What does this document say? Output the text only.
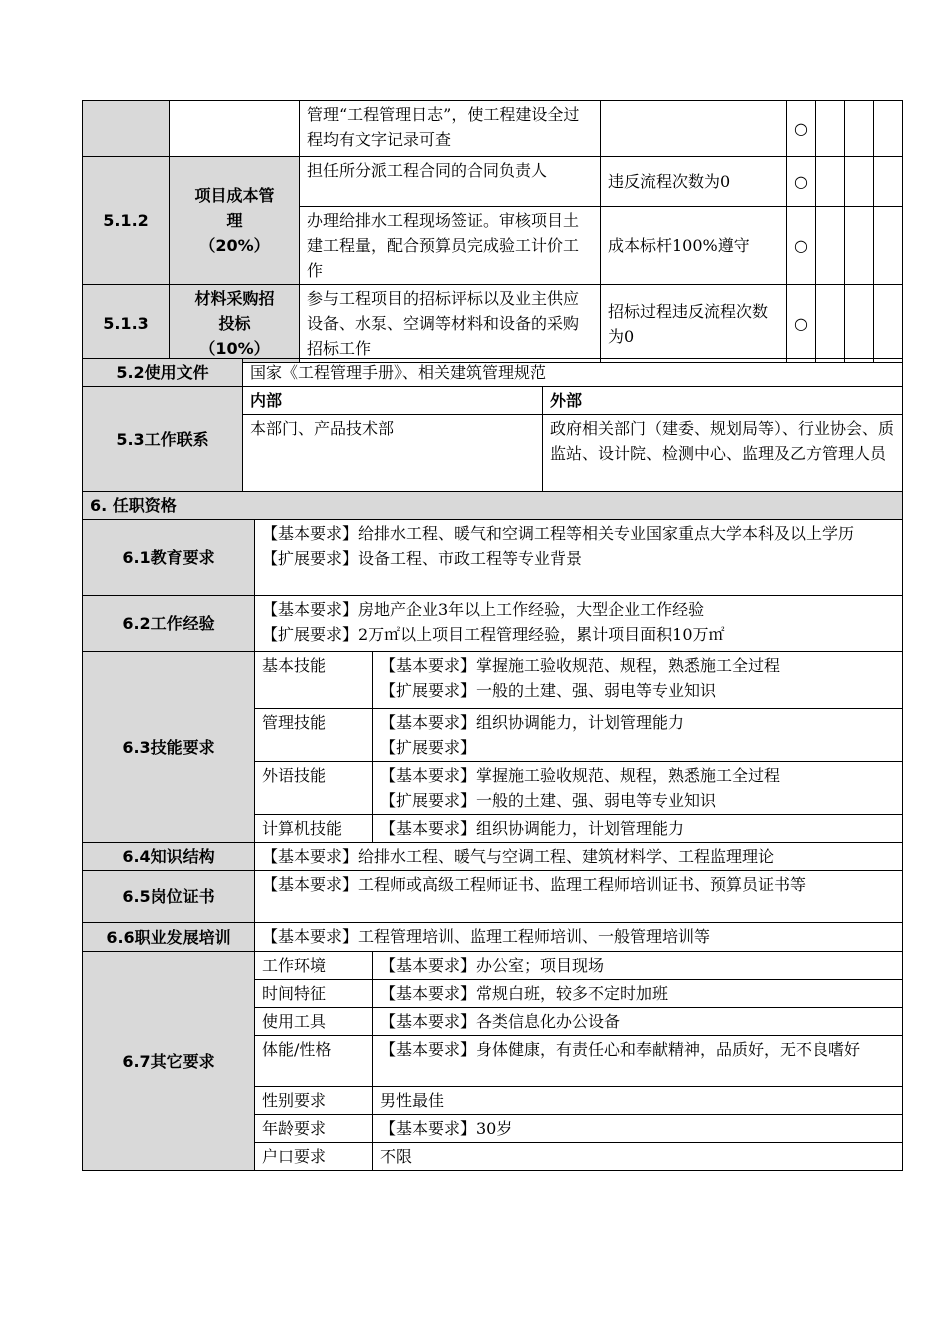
		管理“工程管理日志”，使工程建设全过程均有文字记录可查		○			
5.1.2	项目成本管
理
（20%）	担任所分派工程合同的合同负责人	违反流程次数为0	○			
		办理给排水工程现场签证。审核项目土建工程量，配合预算员完成验工计价工作	成本标杆100%遵守	○			
5.1.3	材料采购招
投标
（10%）	参与工程项目的招标评标以及业主供应设备、水泵、空调等材料和设备的采购招标工作	招标过程违反流程次数为0	○			
5.2使用文件	国家《工程管理手册》、相关建筑管理规范	
5.3工作联系	内部	外部
	本部门、产品技术部	政府相关部门（建委、规划局等）、行业协会、质监站、设计院、检测中心、监理及乙方管理人员
6. 任职资格		
6.1教育要求	【基本要求】给排水工程、暖气和空调工程等相关专业国家重点大学本科及以上学历
【扩展要求】设备工程、市政工程等专业背景	

6.2工作经验	【基本要求】房地产企业3年以上工作经验，大型企业工作经验
【扩展要求】2万㎡以上项目工程管理经验，累计项目面积10万㎡	

6.3技能要求	基本技能	【基本要求】掌握施工验收规范、规程，熟悉施工全过程
【扩展要求】一般的土建、强、弱电等专业知识

	管理技能	【基本要求】组织协调能力，计划管理能力
【扩展要求】

	外语技能	【基本要求】掌握施工验收规范、规程，熟悉施工全过程
【扩展要求】一般的土建、强、弱电等专业知识

	计算机技能	【基本要求】组织协调能力，计划管理能力

6.4知识结构	【基本要求】给排水工程、暖气与空调工程、建筑材料学、工程监理理论	
6.5岗位证书	【基本要求】工程师或高级工程师证书、监理工程师培训证书、预算员证书等	

6.6职业发展培训	【基本要求】工程管理培训、监理工程师培训、一般管理培训等	
6.7其它要求	工作环境	【基本要求】办公室；项目现场
	时间特征	【基本要求】常规白班，较多不定时加班
	使用工具	【基本要求】各类信息化办公设备
	体能/性格	【基本要求】身体健康，有责任心和奉献精神，品质好，无不良嗜好
	性别要求	男性最佳
	年龄要求	【基本要求】30岁
	户口要求	不限
